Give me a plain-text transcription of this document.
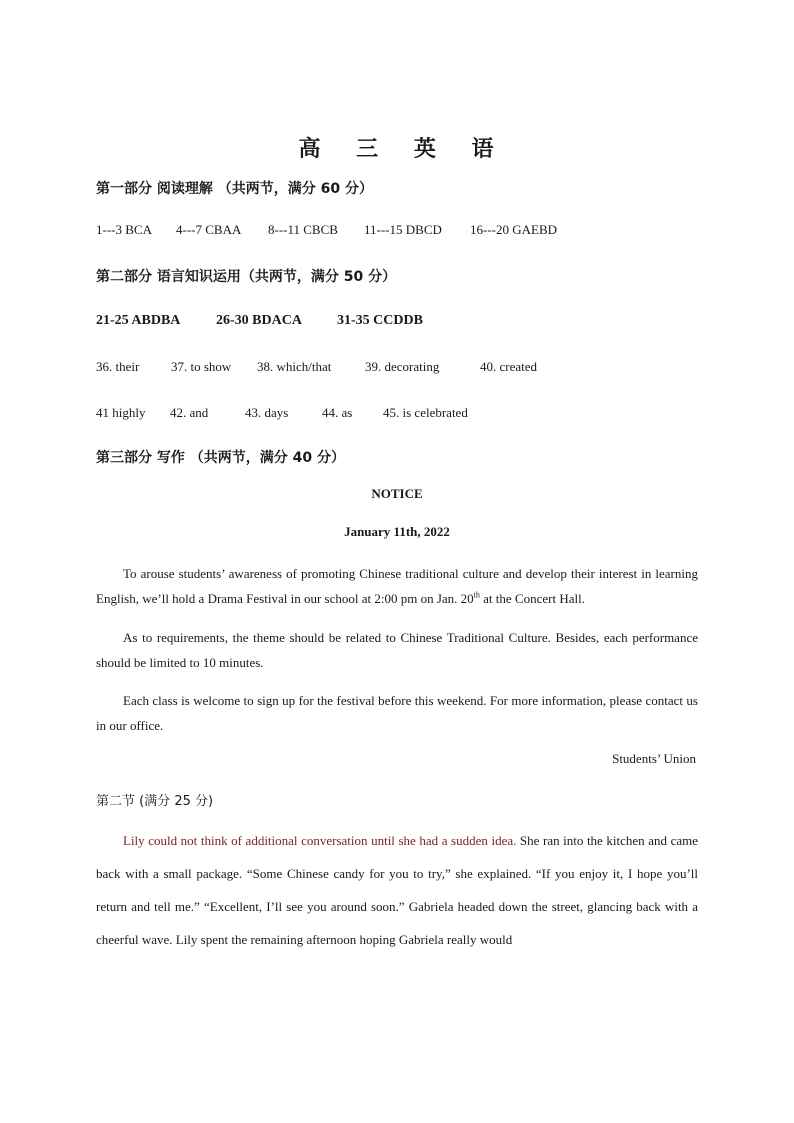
高 三 英 语
第一部分 阅读理解 （共两节，满分 60 分）
1---3 BCA	4---7 CBAA	8---11 CBCB	11---15 DBCD	16---20 GAEBD
第二部分 语言知识运用（共两节，满分 50 分）
21-25 ABDBA	26-30 BDACA	31-35 CCDDB
36. their	37. to show	38. which/that	39. decorating	40. created
41 highly	42. and	43. days	44. as	45. is celebrated
第三部分 写作 （共两节，满分 40 分）
NOTICE
January 11th, 2022

To arouse students’ awareness of promoting Chinese traditional culture and develop their interest in learning English, we’ll hold a Drama Festival in our school at 2:00 pm on Jan. 20th at the Concert Hall.

As to requirements, the theme should be related to Chinese Traditional Culture. Besides, each performance should be limited to 10 minutes.

Each class is welcome to sign up for the festival before this weekend. For more information, please contact us in our office.

Students’ Union
第二节 (满分 25 分)

Lily could not think of additional conversation until she had a sudden idea. She ran into the kitchen and came back with a small package. “Some Chinese candy for you to try,” she explained. “If you enjoy it, I hope you’ll return and tell me.” “Excellent, I’ll see you around soon.” Gabriela headed down the street, glancing back with a cheerful wave. Lily spent the remaining afternoon hoping Gabriela really would
